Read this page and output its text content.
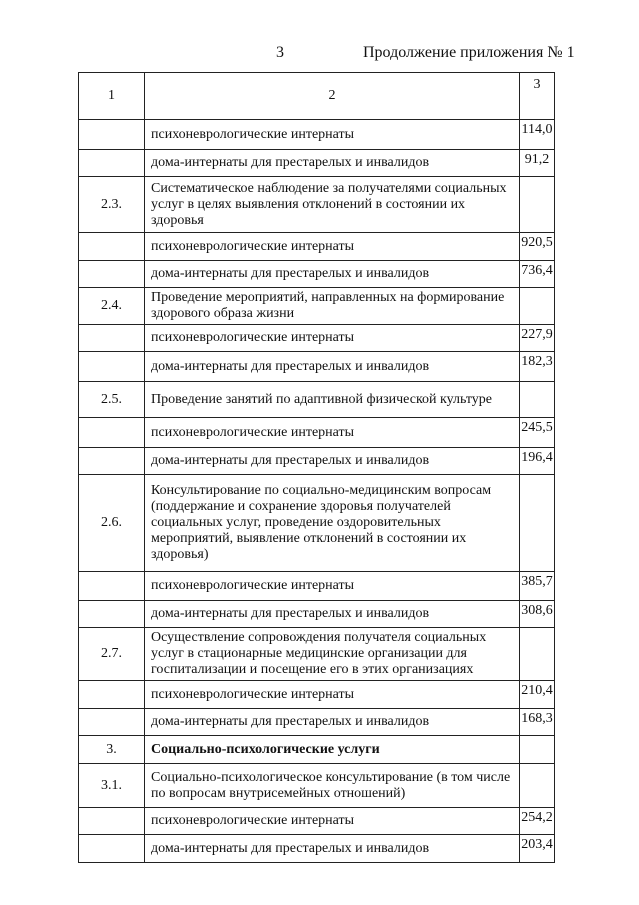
3	Продолжение приложения № 1
1	2	3
	психоневрологические интернаты	114,0
	дома-интернаты для престарелых и инвалидов	91,2
2.3.	Систематическое наблюдение за получателями социальных услуг в целях выявления отклонений в состоянии их здоровья	
	психоневрологические интернаты	920,5
	дома-интернаты для престарелых и инвалидов	736,4
2.4.	Проведение мероприятий, направленных на формирование здорового образа жизни	
	психоневрологические интернаты	227,9
	дома-интернаты для престарелых и инвалидов	182,3
2.5.	Проведение занятий по адаптивной физической культуре	
	психоневрологические интернаты	245,5
	дома-интернаты для престарелых и инвалидов	196,4
2.6.	Консультирование по социально-медицинским вопросам (поддержание и сохранение здоровья получателей социальных услуг, проведение оздоровительных мероприятий, выявление отклонений в состоянии их здоровья)	
	психоневрологические интернаты	385,7
	дома-интернаты для престарелых и инвалидов	308,6
2.7.	Осуществление сопровождения получателя социальных услуг в стационарные медицинские организации для госпитализации и посещение его в этих организациях	
	психоневрологические интернаты	210,4
	дома-интернаты для престарелых и инвалидов	168,3
3.	Социально-психологические услуги	
3.1.	Социально-психологическое консультирование (в том числе по вопросам внутрисемейных отношений)	
	психоневрологические интернаты	254,2
	дома-интернаты для престарелых и инвалидов	203,4
